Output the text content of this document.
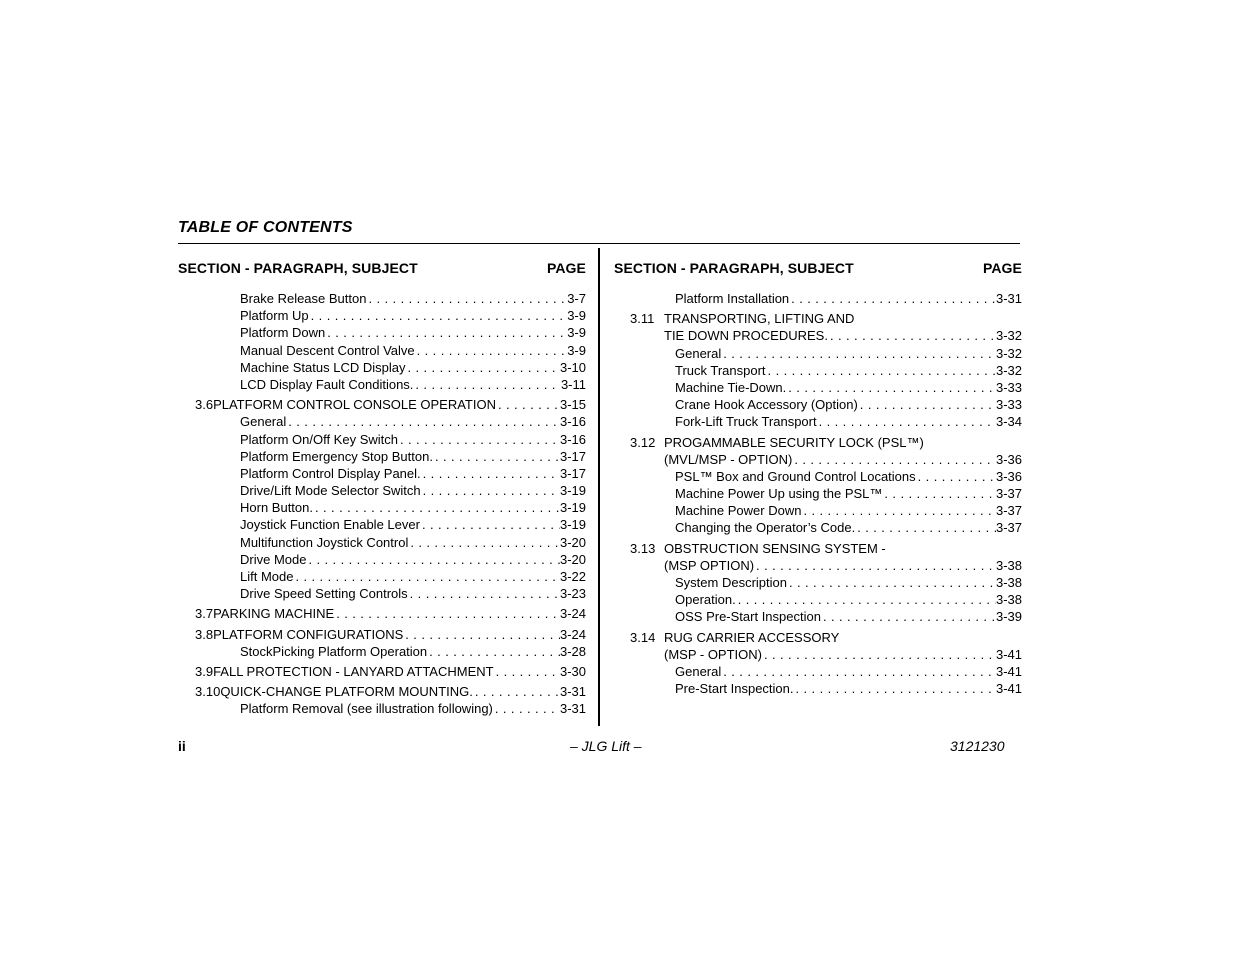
TABLE OF CONTENTS
SECTION - PARAGRAPH, SUBJECT	PAGE
Brake Release Button . . .	3-7
Platform Up . . .	3-9
Platform Down . . .	3-9
Manual Descent Control Valve . . .	3-9
Machine Status LCD Display . . .	3-10
LCD Display Fault Conditions. . . .	3-11
3.6 PLATFORM CONTROL CONSOLE OPERATION . . .	3-15
General . . .	3-16
Platform On/Off Key Switch . . .	3-16
Platform Emergency Stop Button. . . .	3-17
Platform Control Display Panel. . . .	3-17
Drive/Lift Mode Selector Switch . . .	3-19
Horn Button. . . .	3-19
Joystick Function Enable Lever . . .	3-19
Multifunction Joystick Control . . .	3-20
Drive Mode . . .	3-20
Lift Mode . . .	3-22
Drive Speed Setting Controls . . .	3-23
3.7 PARKING MACHINE . . .	3-24
3.8 PLATFORM CONFIGURATIONS . . .	3-24
StockPicking Platform Operation . . .	3-28
3.9 FALL PROTECTION - LANYARD ATTACHMENT . . .	3-30
3.10 QUICK-CHANGE PLATFORM MOUNTING. . . .	3-31
Platform Removal (see illustration following) . . .	3-31
SECTION - PARAGRAPH, SUBJECT	PAGE
Platform Installation . . .	3-31
3.11 TRANSPORTING, LIFTING AND
TIE DOWN PROCEDURES. . . .	3-32
General . . .	3-32
Truck Transport . . .	3-32
Machine Tie-Down. . . .	3-33
Crane Hook Accessory (Option) . . .	3-33
Fork-Lift Truck Transport . . .	3-34
3.12 PROGAMMABLE SECURITY LOCK (PSL™)
(MVL/MSP - OPTION) . . .	3-36
PSL™ Box and Ground Control Locations . . .	3-36
Machine Power Up using the PSL™ . . .	3-37
Machine Power Down . . .	3-37
Changing the Operator’s Code. . . .	3-37
3.13 OBSTRUCTION SENSING SYSTEM -
(MSP OPTION) . . .	3-38
System Description . . .	3-38
Operation. . . .	3-38
OSS Pre-Start Inspection . . .	3-39
3.14 RUG CARRIER ACCESSORY
(MSP - OPTION) . . .	3-41
General . . .	3-41
Pre-Start Inspection. . . .	3-41
ii	– JLG Lift –	3121230
